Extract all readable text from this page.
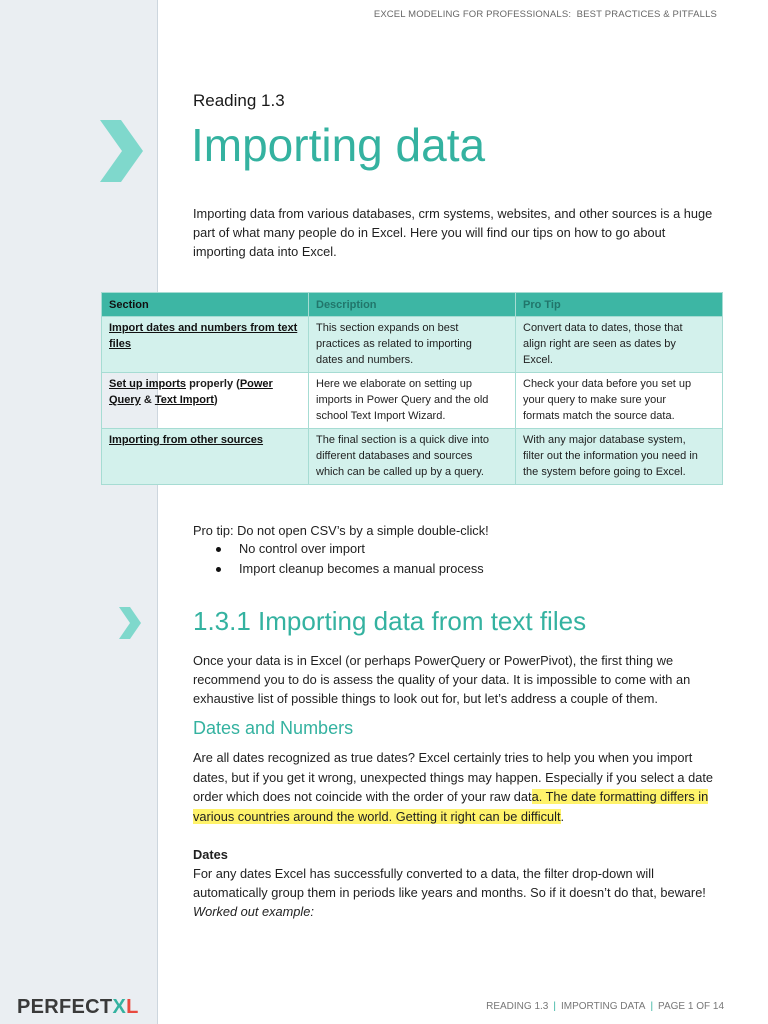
EXCEL MODELING FOR PROFESSIONALS:  BEST PRACTICES & PITFALLS
Reading 1.3
Importing data
Importing data from various databases, crm systems, websites, and other sources is a huge
part of what many people do in Excel. Here you will find our tips on how to go about
importing data into Excel.
Section	Description	Pro Tip

Import dates and numbers from text
files	This section expands on best
practices as related to importing
dates and numbers.	Convert data to dates, those that
align right are seen as dates by
Excel.

Set up imports properly (Power
Query & Text Import)	Here we elaborate on setting up
imports in Power Query and the old
school Text Import Wizard.	Check your data before you set up
your query to make sure your
formats match the source data.

Importing from other sources	The final section is a quick dive into
different databases and sources
which can be called up by a query.	With any major database system,
filter out the information you need in
the system before going to Excel.
Pro tip: Do not open CSV’s by a simple double-click!
No control over import
Import cleanup becomes a manual process
1.3.1 Importing data from text files
Once your data is in Excel (or perhaps PowerQuery or PowerPivot), the first thing we
recommend you to do is assess the quality of your data. It is impossible to come with an
exhaustive list of possible things to look out for, but let’s address a couple of them.
Dates and Numbers
Are all dates recognized as true dates? Excel certainly tries to help you when you import
dates, but if you get it wrong, unexpected things may happen. Especially if you select a date
order which does not coincide with the order of your raw data. The date formatting differs in
various countries around the world. Getting it right can be difficult.
Dates
For any dates Excel has successfully converted to a data, the filter drop-down will
automatically group them in periods like years and months. So if it doesn’t do that, beware!
Worked out example:
PERFECTXL	READING 1.3 | IMPORTING DATA | PAGE 1 OF 14
